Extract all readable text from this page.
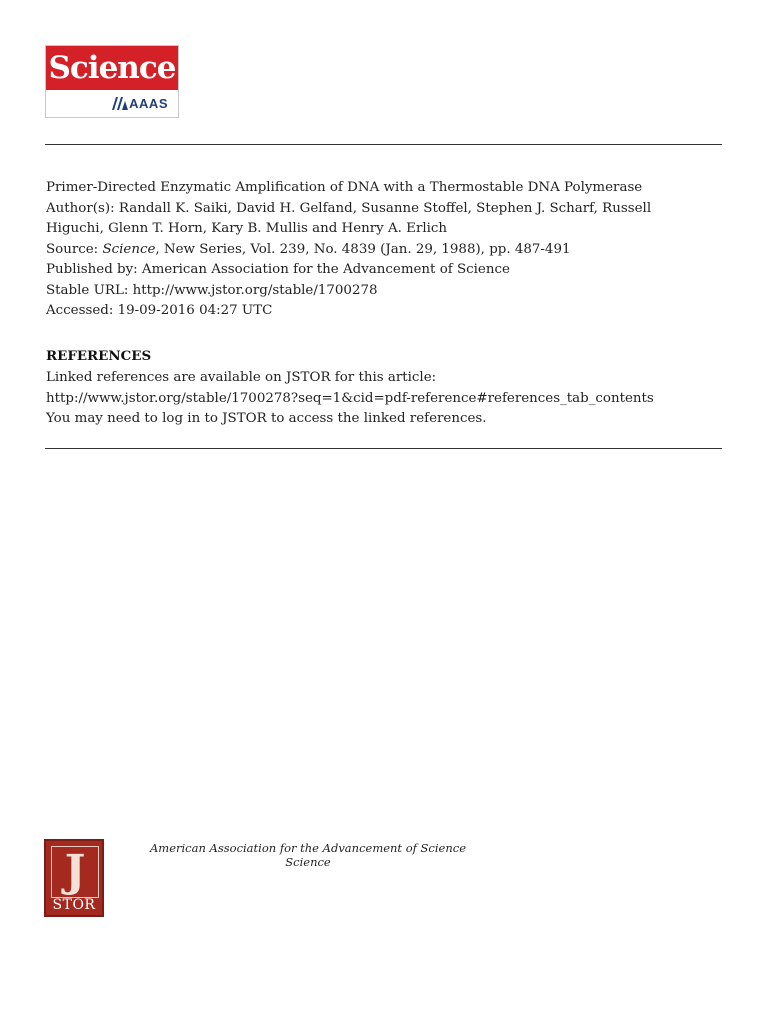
Science
AAAS

Primer-Directed Enzymatic Amplification of DNA with a Thermostable DNA Polymerase

Author(s): Randall K. Saiki, David H. Gelfand, Susanne Stoffel, Stephen J. Scharf, Russell

Higuchi, Glenn T. Horn, Kary B. Mullis and Henry A. Erlich

Source: Science, New Series, Vol. 239, No. 4839 (Jan. 29, 1988), pp. 487-491

Published by: American Association for the Advancement of Science

Stable URL: http://www.jstor.org/stable/1700278

Accessed: 19-09-2016 04:27 UTC

REFERENCES

Linked references are available on JSTOR for this article:

http://www.jstor.org/stable/1700278?seq=1&cid=pdf-reference#references_tab_contents

You may need to log in to JSTOR to access the linked references.

J
STOR

American Association for the Advancement of Science

Science
